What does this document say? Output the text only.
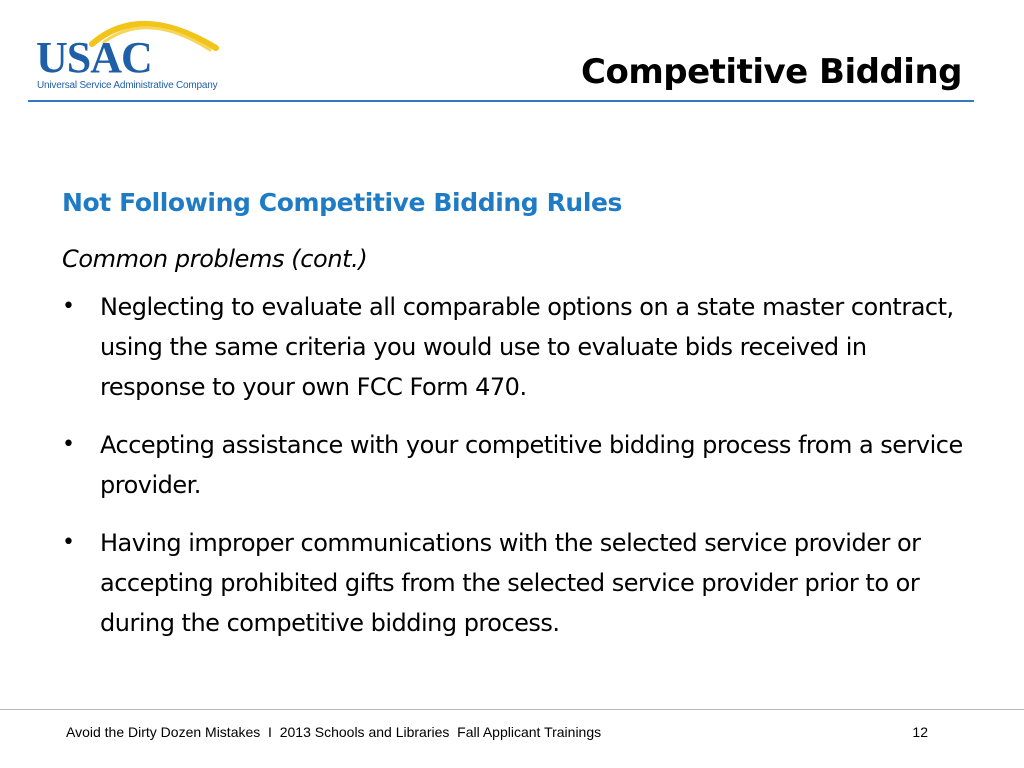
USAC
Universal Service Administrative Company	Competitive Bidding
Not Following Competitive Bidding Rules
Common problems (cont.)
•	Neglecting to evaluate all comparable options on a state master contract, using the same criteria you would use to evaluate bids received in response to your own FCC Form 470.
•	Accepting assistance with your competitive bidding process from a service provider.
•	Having improper communications with the selected service provider or accepting prohibited gifts from the selected service provider prior to or during the competitive bidding process.
Avoid the Dirty Dozen Mistakes  I  2013 Schools and Libraries  Fall Applicant Trainings	12
